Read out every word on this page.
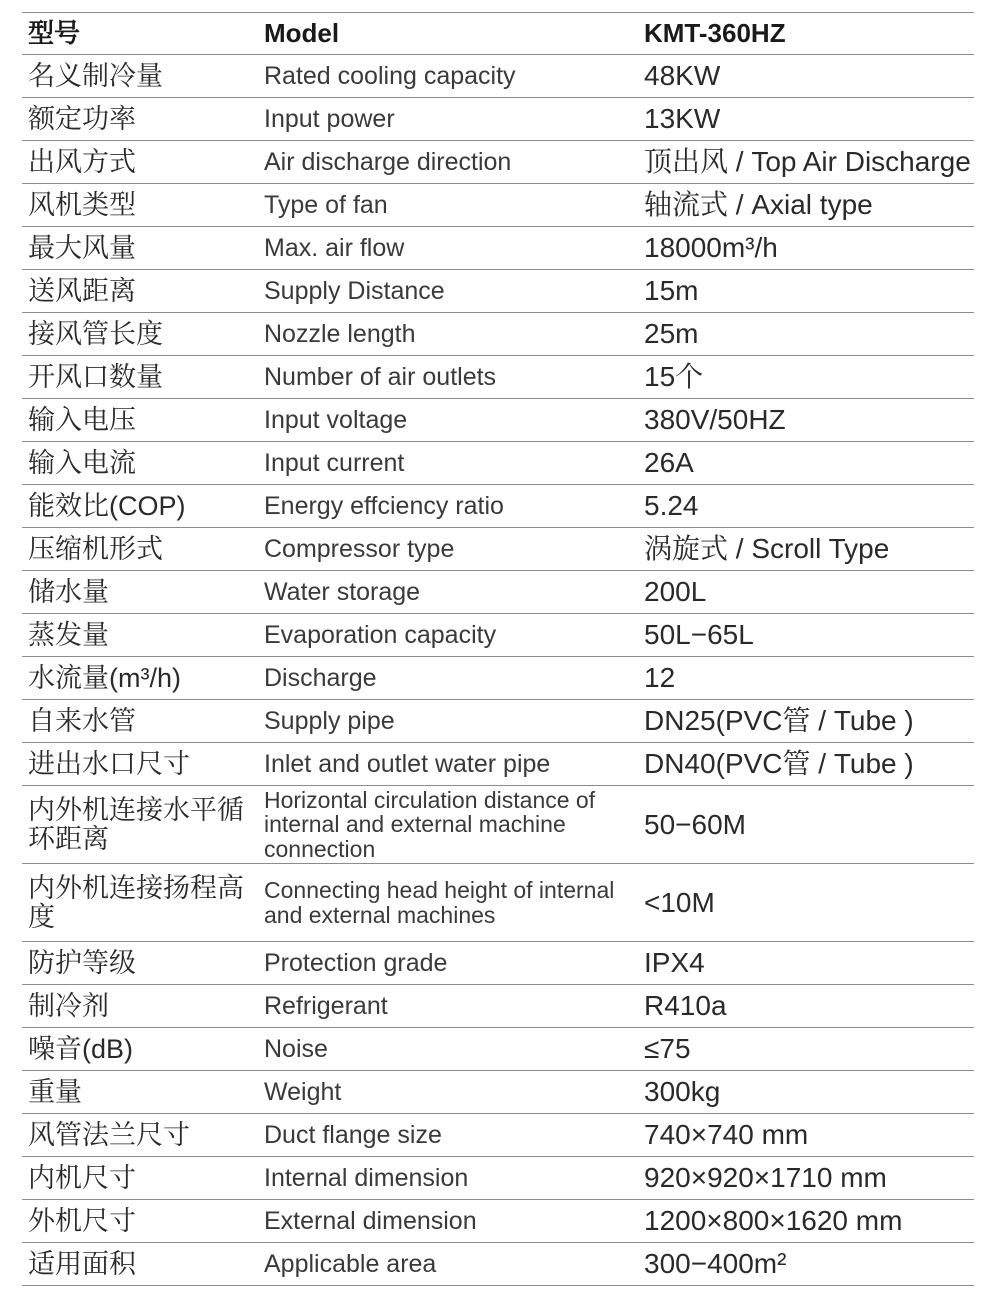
型号	Model	KMT-360HZ
名义制冷量	Rated cooling capacity	48KW
额定功率	Input power	13KW
出风方式	Air discharge direction	顶出风 / Top Air Discharge
风机类型	Type of fan	轴流式 / Axial type
最大风量	Max. air flow	18000m³/h
送风距离	Supply Distance	15m
接风管长度	Nozzle length	25m
开风口数量	Number of air outlets	15个
输入电压	Input voltage	380V/50HZ
输入电流	Input current	26A
能效比(COP)	Energy effciency ratio	5.24
压缩机形式	Compressor type	涡旋式 / Scroll Type
储水量	Water storage	200L
蒸发量	Evaporation capacity	50L−65L
水流量(m³/h)	Discharge	12
自来水管	Supply pipe	DN25(PVC管 / Tube )
进出水口尺寸	Inlet and outlet water pipe	DN40(PVC管 / Tube )
内外机连接水平循环距离	Horizontal circulation distance of internal and external machine connection	50−60M
内外机连接扬程高度	Connecting head height of internal and external machines	<10M
防护等级	Protection grade	IPX4
制冷剂	Refrigerant	R410a
噪音(dB)	Noise	≤75
重量	Weight	300kg
风管法兰尺寸	Duct flange size	740×740 mm
内机尺寸	Internal dimension	920×920×1710 mm
外机尺寸	External dimension	1200×800×1620 mm
适用面积	Applicable area	300−400m²
